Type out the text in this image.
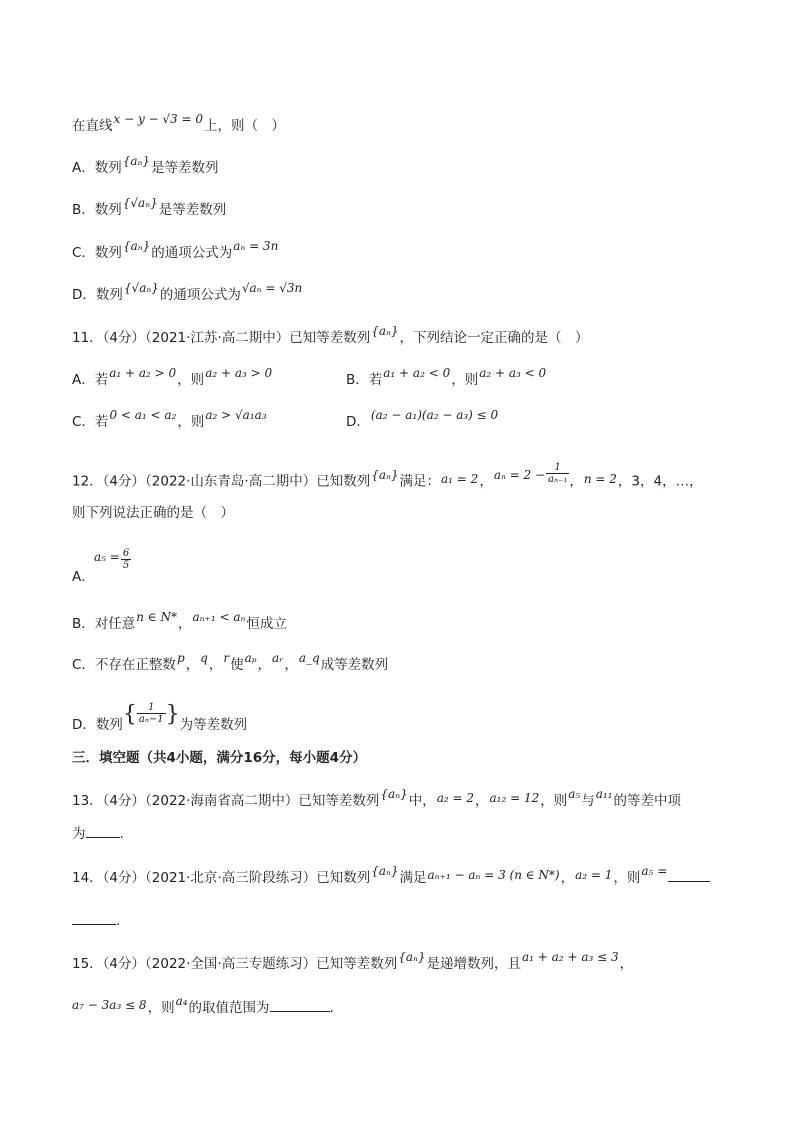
在直线x − y − √3 = 0上，则（　）
A．数列{aₙ}是等差数列
B．数列{√aₙ}是等差数列
C．数列{aₙ}的通项公式为aₙ = 3n
D．数列{√aₙ}的通项公式为√aₙ = √3n
11．（4分）（2021·江苏·高二期中）已知等差数列{aₙ}，下列结论一定正确的是（　）
A．若a₁ + a₂ > 0，则a₂ + a₃ > 0	B．若a₁ + a₂ < 0，则a₂ + a₃ < 0
C．若0 < a₁ < a₂，则a₂ > √a₁a₃	D．(a₂ − a₁)(a₂ − a₃) ≤ 0
12．（4分）（2022·山东青岛·高二期中）已知数列{aₙ}满足：a₁ = 2，$a_n = 2 - \frac{1}{\text{aₙ₋₁}}$ ，n = 2，3，4，…，
则下列说法正确的是（　）
$a_5 = \frac{6}{5}$
A．
B．对任意n ∈ N*，aₙ₊₁ < aₙ恒成立
C．不存在正整数p，q，r使aₚ，aᵣ，a_q成等差数列
D．数列{ $\frac{1}{\text{aₙ−1}}$ }为等差数列
三．填空题（共4小题，满分16分，每小题4分）
13．（4分）（2022·海南省高二期中）已知等差数列{aₙ}中，a₂ = 2，a₁₂ = 12，则a₅与a₁₁的等差中项
为	.
14．（4分）（2021·北京·高三阶段练习）已知数列{aₙ}满足aₙ₊₁ − aₙ = 3 (n ∈ N*)，a₂ = 1，则a₅ =
.
15．（4分）（2022·全国·高三专题练习）已知等差数列{aₙ}是递增数列，且a₁ + a₂ + a₃ ≤ 3，
a₇ − 3a₃ ≤ 8，则a₄的取值范围为	.
